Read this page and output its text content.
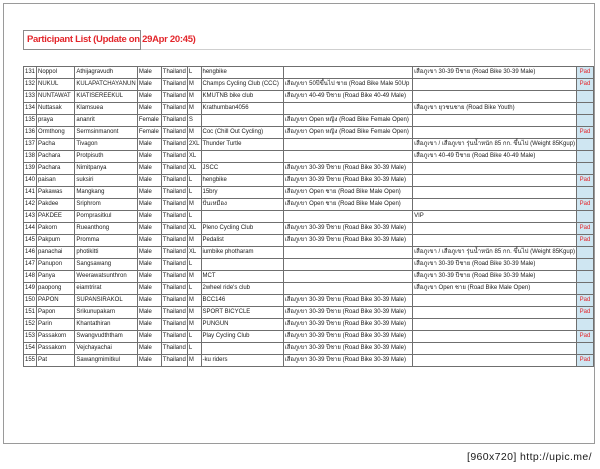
Participant List (Update on 29Apr 20:45)
131	Noppol	Athijagravudh	Male	Thailand	L	hengbike		เสือภูเขา 30-39 ปีชาย (Road Bike 30-39 Male)	Pad
132	NUKUL	KULAPATCHAYANUN	Male	Thailand	M	Champs Cycling Club (CCC)	เสือภูเขา 50ปีขึ้นไป ชาย (Road Bike Male 50Up		Pad
133	NUNTAWAT	KIATISEREEKUL	Male	Thailand	M	KMUTNB bike club	เสือภูเขา 40-49 ปีชาย (Road Bike 40-49 Male)		
134	Nuttasak	Klamsuea	Male	Thailand	M	Krathumban4056		เสือภูเขา ยุวชนชาย (Road Bike Youth)	
135	praya	ananrit	Female	Thailand	S		เสือภูเขา Open หญิง (Road Bike Female Open)		
136	Ormthong	Sermsinmanont	Female	Thailand	M	Coc (Chill Out Cycling)	เสือภูเขา Open หญิง (Road Bike Female Open)		Pad
137	Pacha	Tivagon	Male	Thailand	2XL	Thunder Turtle		เสือภูเขา / เสือภูเขา รุ่นน้ำหนัก 85 กก. ขึ้นไป (Weight 85Kgup)	
138	Pachara	Protpisuth	Male	Thailand	XL			เสือภูเขา 40-49 ปีชาย (Road Bike 40-49 Male)	
139	Pachara	Nimitpanya	Male	Thailand	XL	JSCC	เสือภูเขา 30-39 ปีชาย (Road Bike 30-39 Male)		
140	paisan	suksiri	Male	Thailand	L	hengbike	เสือภูเขา 30-39 ปีชาย (Road Bike 30-39 Male)		Pad
141	Pakawas	Mangkang	Male	Thailand	L	15bry	เสือภูเขา Open ชาย (Road Bike Male Open)		
142	Pakdee	Sriphrom	Male	Thailand	M	ปั่นเหมือง	เสือภูเขา Open ชาย (Road Bike Male Open)		Pad
143	PAKDEE	Pornprasitkul	Male	Thailand	L			VIP	
144	Pakorn	Rueanthong	Male	Thailand	XL	Pleno Cycling Club	เสือภูเขา 30-39 ปีชาย (Road Bike 30-39 Male)		Pad
145	Pakpum	Promma	Male	Thailand	M	Pedalist	เสือภูเขา 30-39 ปีชาย (Road Bike 30-39 Male)		Pad
146	panachai	photikitti	Male	Thailand	XL	iumbike photharam		เสือภูเขา / เสือภูเขา รุ่นน้ำหนัก 85 กก. ขึ้นไป (Weight 85Kgup)	
147	Panupon	Sangsawang	Male	Thailand	L			เสือภูเขา 30-39 ปีชาย (Road Bike 30-39 Male)	
148	Panya	Weerawatsunthron	Male	Thailand	M	MCT		เสือภูเขา 30-39 ปีชาย (Road Bike 30-39 Male)	
149	paopong	eiamtrirat	Male	Thailand	L	2wheel ride's club		เสือภูเขา Open ชาย (Road Bike Male Open)	
150	PAPON	SUPANSIRAKOL	Male	Thailand	M	BCC146	เสือภูเขา 30-39 ปีชาย (Road Bike 30-39 Male)		Pad
151	Papon	Srikunupakarn	Male	Thailand	M	SPORT BICYCLE	เสือภูเขา 30-39 ปีชาย (Road Bike 30-39 Male)		Pad
152	Parin	Khantathiran	Male	Thailand	M	PUNGUN	เสือภูเขา 30-39 ปีชาย (Road Bike 30-39 Male)		
153	Passakorn	Swangvudththam	Male	Thailand	L	Play Cycling Club	เสือภูเขา 30-39 ปีชาย (Road Bike 30-39 Male)		Pad
154	Passakorn	Vejchayachai	Male	Thailand	L		เสือภูเขา 30-39 ปีชาย (Road Bike 30-39 Male)		
155	Pat	Sawangmimitkul	Male	Thailand	M	-ku riders	เสือภูเขา 30-39 ปีชาย (Road Bike 30-39 Male)		Pad
[960x720] http://upic.me/
